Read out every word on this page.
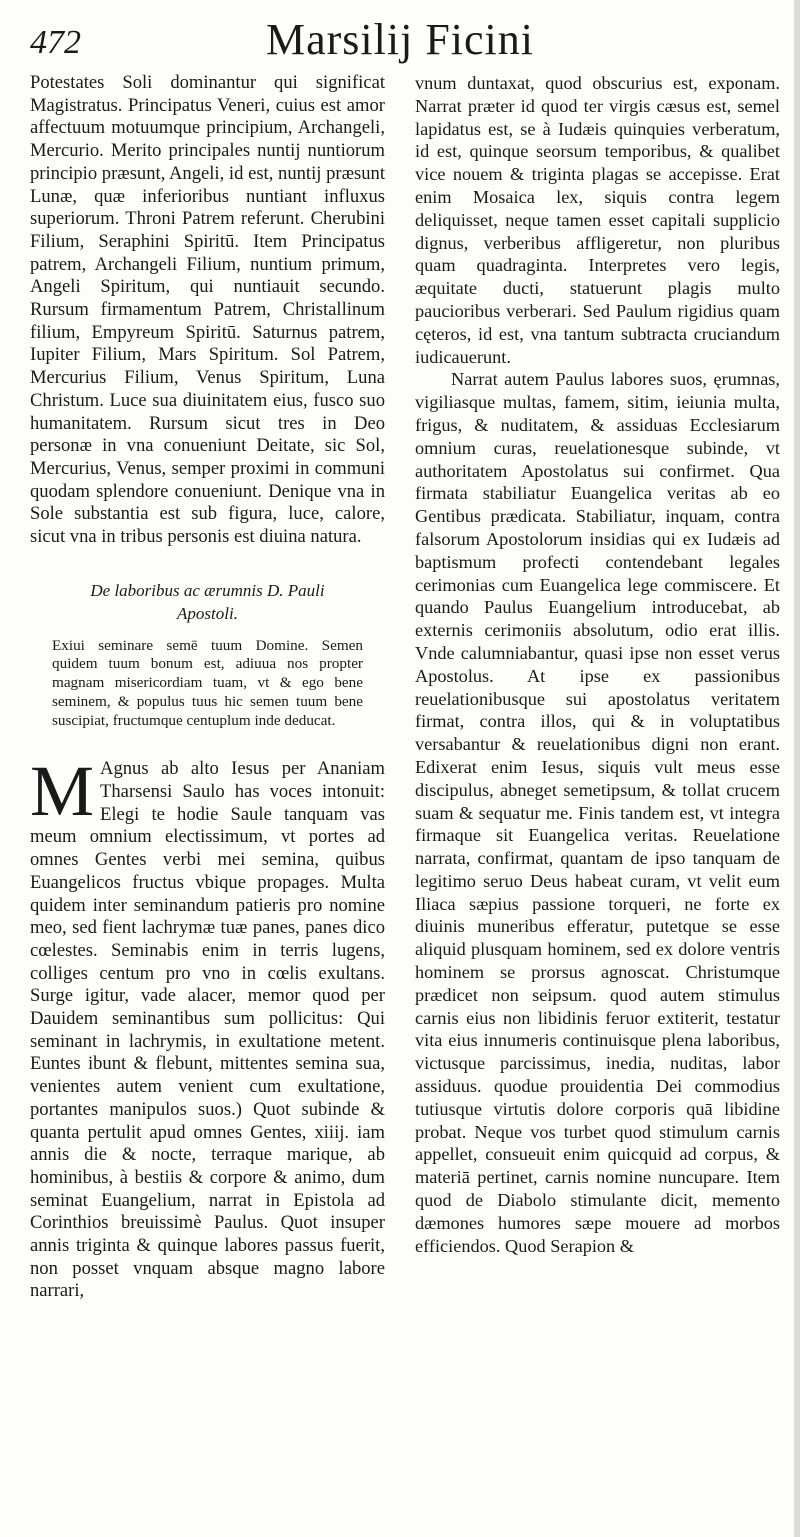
472	Marsilij Ficini

Potestates Soli dominantur qui significat Magistratus. Principatus Veneri, cuius est amor affectuum motuumque principium, Archangeli, Mercurio. Merito principales nuntij nuntiorum principio præsunt, Angeli, id est, nuntij præsunt Lunæ, quæ inferioribus nuntiant influxus superiorum. Throni Patrem referunt. Cherubini Filium, Seraphini Spiritū. Item Principatus patrem, Archangeli Filium, nuntium primum, Angeli Spiritum, qui nuntiauit secundo. Rursum firmamentum Patrem, Christallinum filium, Empyreum Spiritū. Saturnus patrem, Iupiter Filium, Mars Spiritum. Sol Patrem, Mercurius Filium, Venus Spiritum, Luna Christum. Luce sua diuinitatem eius, fusco suo humanitatem. Rursum sicut tres in Deo personæ in vna conueniunt Deitate, sic Sol, Mercurius, Venus, semper proximi in communi quodam splendore conueniunt. Denique vna in Sole substantia est sub figura, luce, calore, sicut vna in tribus personis est diuina natura.

De laboribus ac ærumnis D. Pauli
Apostoli.

Exiui seminare semē tuum Domine. Semen quidem tuum bonum est, adiuua nos propter magnam misericordiam tuam, vt & ego bene seminem, & populus tuus hic semen tuum bene suscipiat, fructumque centuplum inde deducat.

M Agnus ab alto Iesus per Ananiam Tharsensi Saulo has voces intonuit: Elegi te hodie Saule tanquam vas meum omnium electissimum, vt portes ad omnes Gentes verbi mei semina, quibus Euangelicos fructus vbique propages. Multa quidem inter seminandum patieris pro nomine meo, sed fient lachrymæ tuæ panes, panes dico cœlestes. Seminabis enim in terris lugens, colliges centum pro vno in cœlis exultans. Surge igitur, vade alacer, memor quod per Dauidem seminantibus sum pollicitus: Qui seminant in lachrymis, in exultatione metent. Euntes ibunt & flebunt, mittentes semina sua, venientes autem venient cum exultatione, portantes manipulos suos.) Quot subinde & quanta pertulit apud omnes Gentes, xiiij. iam annis die & nocte, terraque marique, ab hominibus, à bestiis & corpore & animo, dum seminat Euangelium, narrat in Epistola ad Corinthios breuissimè Paulus. Quot insuper annis triginta & quinque labores passus fuerit, non posset vnquam absque magno labore narrari,

vnum duntaxat, quod obscurius est, exponam. Narrat præter id quod ter virgis cæsus est, semel lapidatus est, se à Iudæis quinquies verberatum, id est, quinque seorsum temporibus, & qualibet vice nouem & triginta plagas se accepisse. Erat enim Mosaica lex, siquis contra legem deliquisset, neque tamen esset capitali supplicio dignus, verberibus affligeretur, non pluribus quam quadraginta. Interpretes vero legis, æquitate ducti, statuerunt plagis multo paucioribus verberari. Sed Paulum rigidius quam cęteros, id est, vna tantum subtracta cruciandum iudicauerunt.

Narrat autem Paulus labores suos, ęrumnas, vigiliasque multas, famem, sitim, ieiunia multa, frigus, & nuditatem, & assiduas Ecclesiarum omnium curas, reuelationesque subinde, vt authoritatem Apostolatus sui confirmet. Qua firmata stabiliatur Euangelica veritas ab eo Gentibus prædicata. Stabiliatur, inquam, contra falsorum Apostolorum insidias qui ex Iudæis ad baptismum profecti contendebant legales cerimonias cum Euangelica lege commiscere. Et quando Paulus Euangelium introducebat, ab externis cerimoniis absolutum, odio erat illis. Vnde calumniabantur, quasi ipse non esset verus Apostolus. At ipse ex passionibus reuelationibusque sui apostolatus veritatem firmat, contra illos, qui & in voluptatibus versabantur & reuelationibus digni non erant. Edixerat enim Iesus, siquis vult meus esse discipulus, abneget semetipsum, & tollat crucem suam & sequatur me. Finis tandem est, vt integra firmaque sit Euangelica veritas. Reuelatione narrata, confirmat, quantam de ipso tanquam de legitimo seruo Deus habeat curam, vt velit eum Iliaca sæpius passione torqueri, ne forte ex diuinis muneribus efferatur, putetque se esse aliquid plusquam hominem, sed ex dolore ventris hominem se prorsus agnoscat. Christumque prædicet non seipsum. quod autem stimulus carnis eius non libidinis feruor extiterit, testatur vita eius innumeris continuisque plena laboribus, victusque parcissimus, inedia, nuditas, labor assiduus. quodue prouidentia Dei commodius tutiusque virtutis dolore corporis quā libidine probat. Neque vos turbet quod stimulum carnis appellet, consueuit enim quicquid ad corpus, & materiā pertinet, carnis nomine nuncupare. Item quod de Diabolo stimulante dicit, memento dæmones humores sæpe mouere ad morbos efficiendos. Quod Serapion &
